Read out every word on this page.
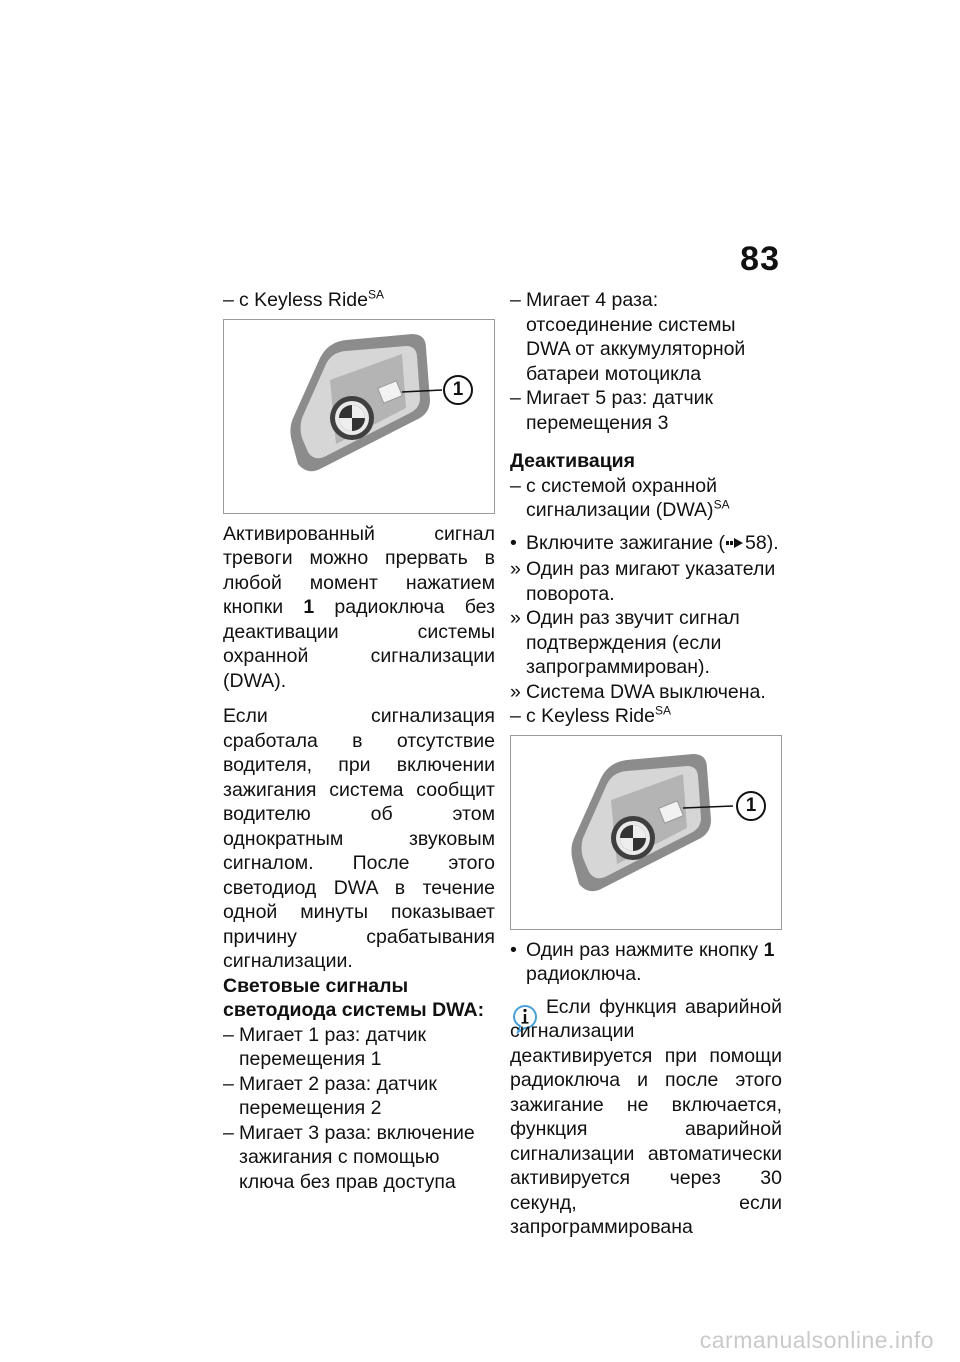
83
– с Keyless Ride$^{SA}$
1

Активированный сигнал тревоги можно прервать в любой момент нажатием кнопки 1 радиоключа без деактивации системы охранной сигнализации (DWA).

Если сигнализация сработала в отсутствие водителя, при включении зажигания система сообщит водителю об этом однократным звуковым сигналом. После этого светодиод DWA в течение одной минуты показывает причину срабатывания сигнализации.

Световые сигналы светодиода системы DWA:

– Мигает 1 раз: датчик перемещения 1
– Мигает 2 раза: датчик перемещения 2
– Мигает 3 раза: включение зажигания с помощью ключа без прав доступа
– Мигает 4 раза: отсоединение системы DWA от аккумуляторной батареи мотоцикла
– Мигает 5 раз: датчик перемещения 3

Деактивация

– с системой охранной сигнализации (DWA)$^{SA}$
• Включите зажигание ( 58).
» Один раз мигают указатели поворота.
» Один раз звучит сигнал подтверждения (если запрограммирован).
» Система DWA выключена.
– с Keyless Ride$^{SA}$
1
• Один раз нажмите кнопку 1 радиоключа.

Если функция аварийной сигнализации деактивируется при помощи радиоключа и после этого зажигание не включается, функция аварийной сигнализации автоматически активируется через 30 секунд, если запрограммирована

carmanualsonline.info
